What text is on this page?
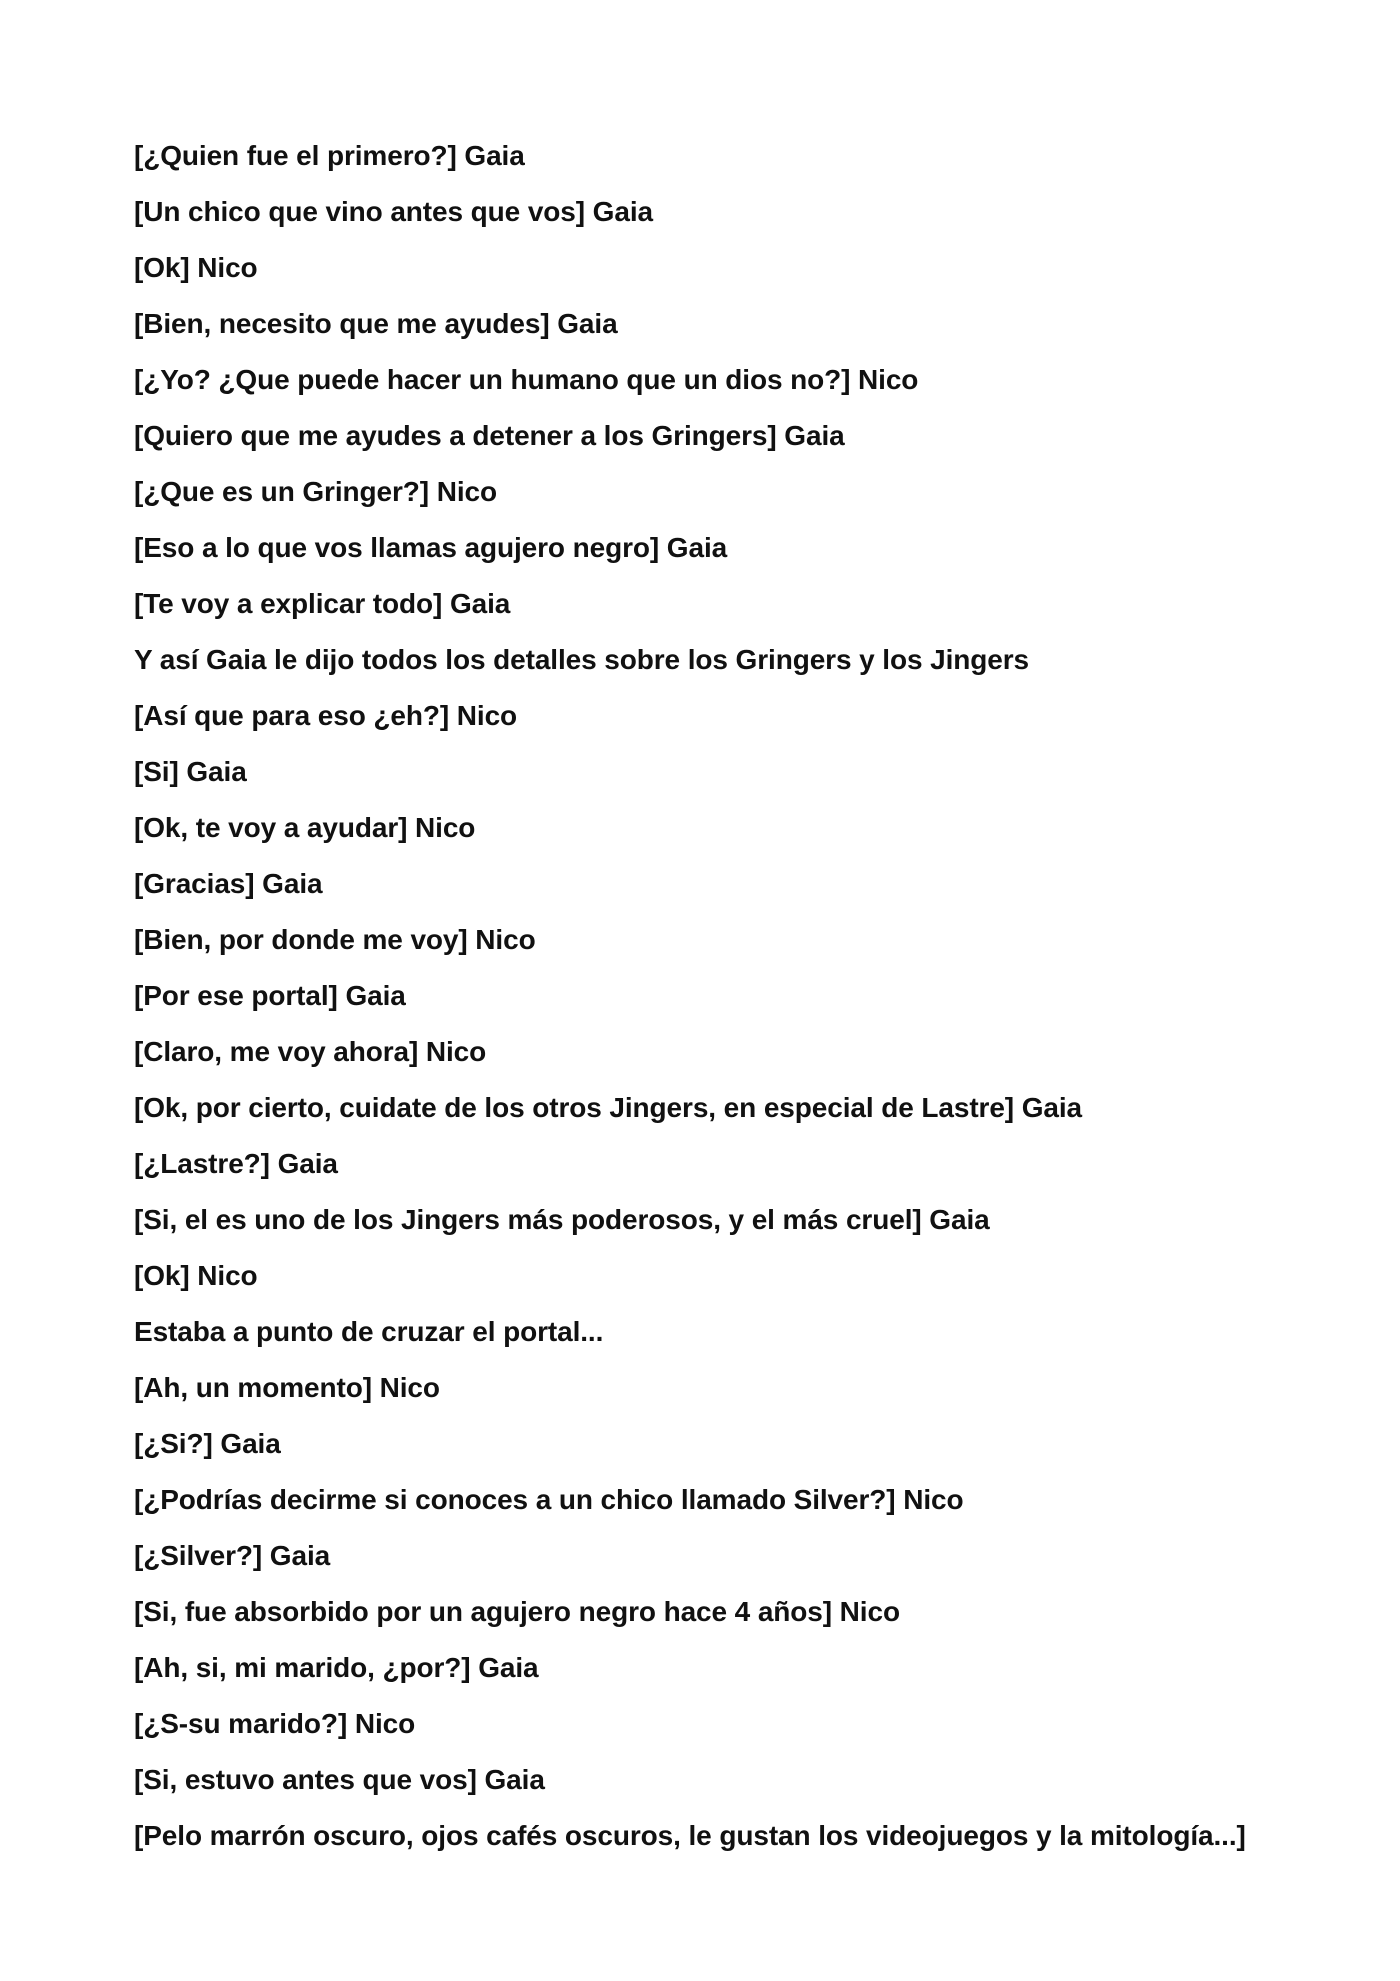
[¿Quien fue el primero?] Gaia
[Un chico que vino antes que vos] Gaia
[Ok] Nico
[Bien, necesito que me ayudes] Gaia
[¿Yo? ¿Que puede hacer un humano que un dios no?] Nico
[Quiero que me ayudes a detener a los Gringers] Gaia
[¿Que es un Gringer?] Nico
[Eso a lo que vos llamas agujero negro] Gaia
[Te voy a explicar todo] Gaia
Y así Gaia le dijo todos los detalles sobre los Gringers y los Jingers
[Así que para eso ¿eh?] Nico
[Si] Gaia
[Ok, te voy a ayudar] Nico
[Gracias] Gaia
[Bien, por donde me voy] Nico
[Por ese portal] Gaia
[Claro, me voy ahora] Nico
[Ok, por cierto, cuidate de los otros Jingers, en especial de Lastre] Gaia
[¿Lastre?] Gaia
[Si, el es uno de los Jingers más poderosos, y el más cruel] Gaia
[Ok] Nico
Estaba a punto de cruzar el portal...
[Ah, un momento] Nico
[¿Si?] Gaia
[¿Podrías decirme si conoces a un chico llamado Silver?] Nico
[¿Silver?] Gaia
[Si, fue absorbido por un agujero negro hace 4 años] Nico
[Ah, si, mi marido, ¿por?] Gaia
[¿S-su marido?] Nico
[Si, estuvo antes que vos] Gaia
[Pelo marrón oscuro, ojos cafés oscuros, le gustan los videojuegos y la mitología...]
